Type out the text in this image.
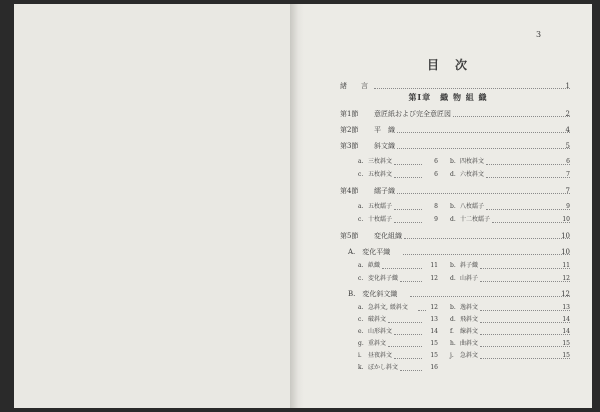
3
目　次
緒　　言	1
第Ⅰ章　織 物 組 織
第1節 意匠紙および完全意匠図	2
第2節 平　織	4
第3節 斜文織	5
a. 三枚斜文	6 b. 四枚斜文	6
c. 五枚斜文	6 d. 六枚斜文	7
第4節 繻子織	7
a. 五枚繻子	8 b. 八枚繻子	9
c. 十枚繻子	9 d. 十二枚繻子	10
第5節 変化組織	10
A.　変化平織	10
a. 畝織	11 b. 斜子織	11
c. 変化斜子織	12 d. 山斜子	12
B.　変化斜文織	12
a. 急斜文, 緩斜文	12 b. 逸斜文	13
c. 破斜文	13 d. 飛斜文	14
e. 山形斜文	14 f. 線斜文	14
g. 重斜文	15 h. 曲斜文	15
i. 昼夜斜文	15 j. 急斜文	15
k. ぼかし斜文	16
